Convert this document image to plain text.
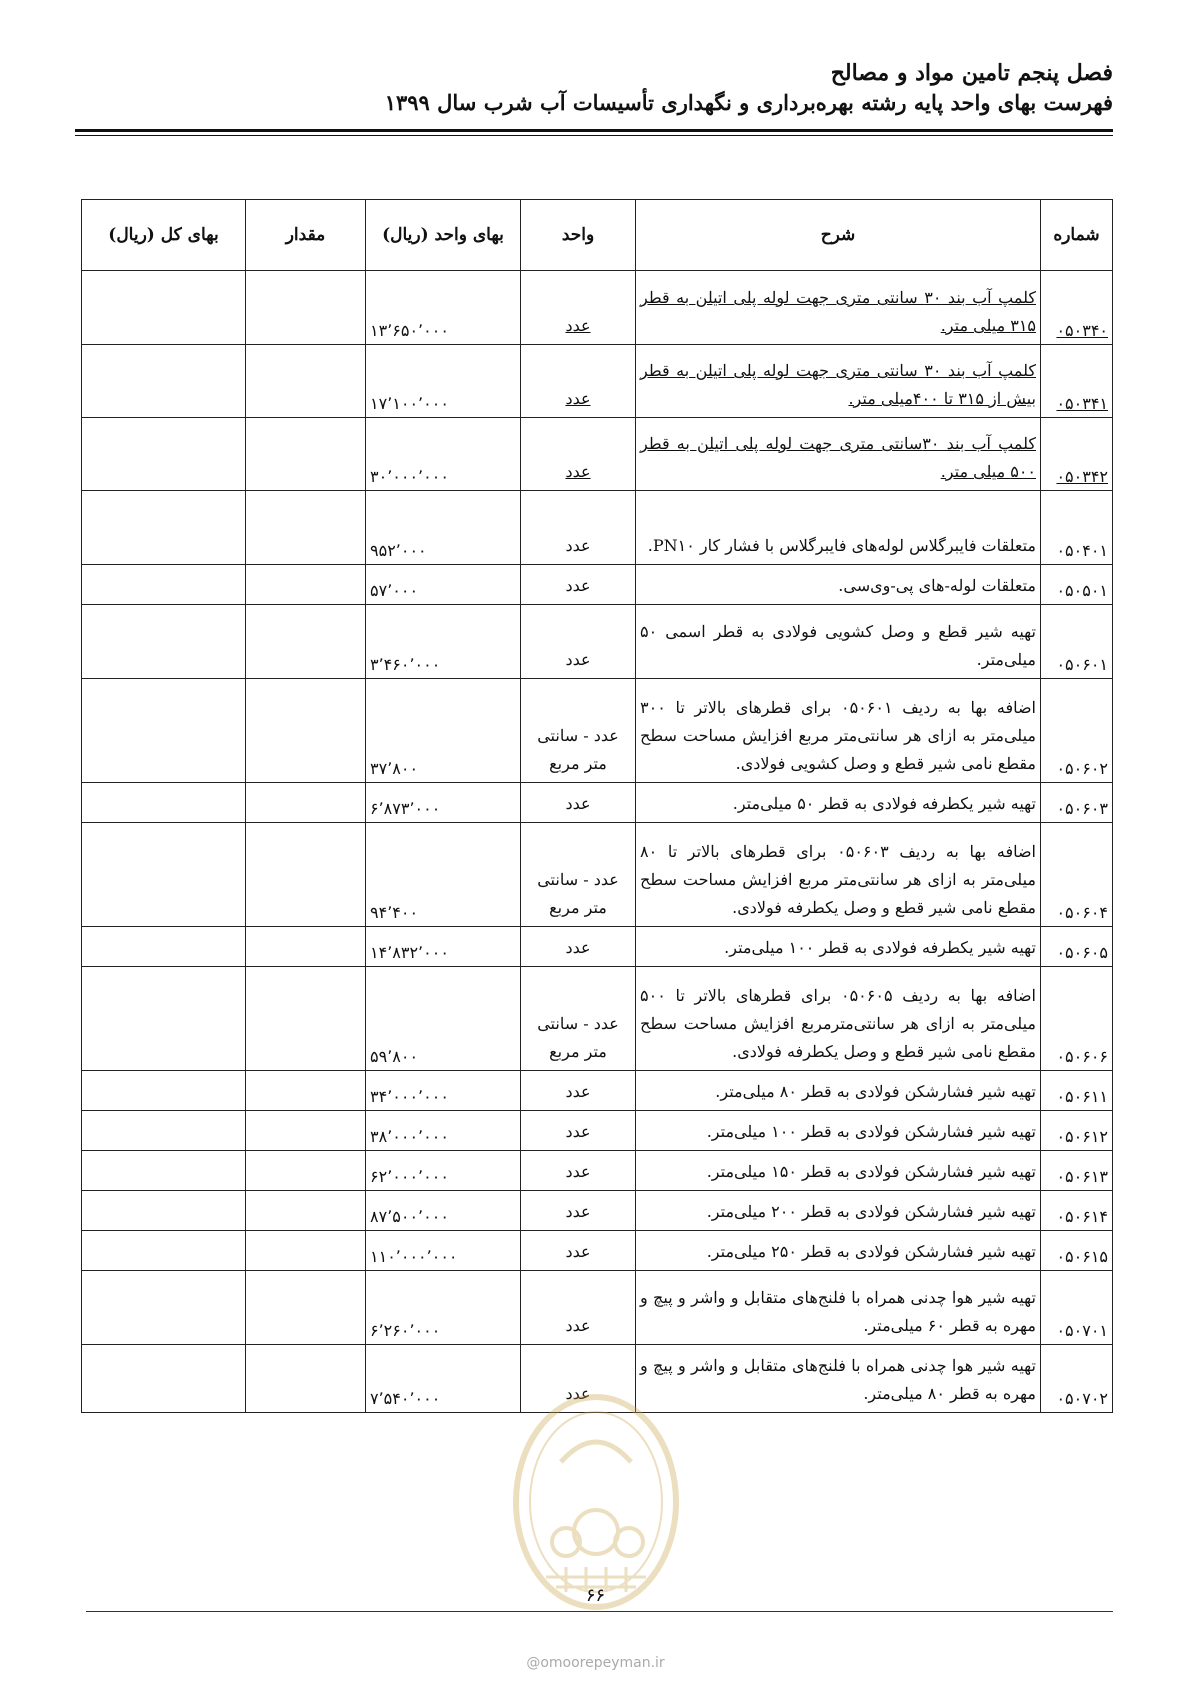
فصل پنجم تامین مواد و مصالح
فهرست بهای واحد پایه رشته بهره‌برداری و نگهداری تأسیسات آب شرب سال ۱۳۹۹
شماره	شرح	واحد	بهای واحد (ریال)	مقدار	بهای کل (ریال)
۰۵۰۳۴۰	کلمپ آب بند ۳۰ سانتی متری جهت لوله پلی اتیلن به قطر ۳۱۵ میلی متر.	عدد	۱۳٬۶۵۰٬۰۰۰		
۰۵۰۳۴۱	کلمپ آب بند ۳۰ سانتی متری جهت لوله پلی اتیلن به قطر بیش از ۳۱۵ تا ۴۰۰میلی متر.	عدد	۱۷٬۱۰۰٬۰۰۰		
۰۵۰۳۴۲	کلمپ آب بند ۳۰سانتی متری جهت لوله پلی اتیلن به قطر ۵۰۰ میلی متر.	عدد	۳۰٬۰۰۰٬۰۰۰		
۰۵۰۴۰۱	متعلقات فایبرگلاس لوله‌های فایبرگلاس با فشار کار PN۱۰.	عدد	۹۵۲٬۰۰۰		
۰۵۰۵۰۱	متعلقات لوله-های پی-وی‌سی.	عدد	۵۷٬۰۰۰		
۰۵۰۶۰۱	تهیه شیر قطع و وصل کشویی فولادی به قطر اسمی ۵۰ میلی‌متر.	عدد	۳٬۴۶۰٬۰۰۰		
۰۵۰۶۰۲	اضافه بها به ردیف ۰۵۰۶۰۱ برای قطرهای بالاتر تا ۳۰۰ میلی‌متر به ازای هر سانتی‌متر مربع افزایش مساحت سطح مقطع نامی شیر قطع و وصل کشویی فولادی.	عدد - سانتی متر مربع	۳۷٬۸۰۰		
۰۵۰۶۰۳	تهیه شیر یکطرفه فولادی به قطر ۵۰ میلی‌متر.	عدد	۶٬۸۷۳٬۰۰۰		
۰۵۰۶۰۴	اضافه بها به ردیف ۰۵۰۶۰۳ برای قطرهای بالاتر تا ۸۰ میلی‌متر به ازای هر سانتی‌متر مربع افزایش مساحت سطح مقطع نامی شیر قطع و وصل یکطرفه فولادی.	عدد - سانتی متر مربع	۹۴٬۴۰۰		
۰۵۰۶۰۵	تهیه شیر یکطرفه فولادی به قطر ۱۰۰ میلی‌متر.	عدد	۱۴٬۸۳۲٬۰۰۰		
۰۵۰۶۰۶	اضافه بها به ردیف ۰۵۰۶۰۵ برای قطرهای بالاتر تا ۵۰۰ میلی‌متر به ازای هر سانتی‌مترمربع افزایش مساحت سطح مقطع نامی شیر قطع و وصل یکطرفه فولادی.	عدد - سانتی متر مربع	۵۹٬۸۰۰		
۰۵۰۶۱۱	تهیه شیر فشارشکن فولادی به قطر ۸۰ میلی‌متر.	عدد	۳۴٬۰۰۰٬۰۰۰		
۰۵۰۶۱۲	تهیه شیر فشارشکن فولادی به قطر ۱۰۰ میلی‌متر.	عدد	۳۸٬۰۰۰٬۰۰۰		
۰۵۰۶۱۳	تهیه شیر فشارشکن فولادی به قطر ۱۵۰ میلی‌متر.	عدد	۶۲٬۰۰۰٬۰۰۰		
۰۵۰۶۱۴	تهیه شیر فشارشکن فولادی به قطر ۲۰۰ میلی‌متر.	عدد	۸۷٬۵۰۰٬۰۰۰		
۰۵۰۶۱۵	تهیه شیر فشارشکن فولادی به قطر ۲۵۰ میلی‌متر.	عدد	۱۱۰٬۰۰۰٬۰۰۰		
۰۵۰۷۰۱	تهیه شیر هوا چدنی همراه با فلنج‌های متقابل و واشر و پیچ و مهره به قطر ۶۰ میلی‌متر.	عدد	۶٬۲۶۰٬۰۰۰		
۰۵۰۷۰۲	تهیه شیر هوا چدنی همراه با فلنج‌های متقابل و واشر و پیچ و مهره به قطر ۸۰ میلی‌متر.	عدد	۷٬۵۴۰٬۰۰۰		
۶۶
@omoorepeyman.ir
